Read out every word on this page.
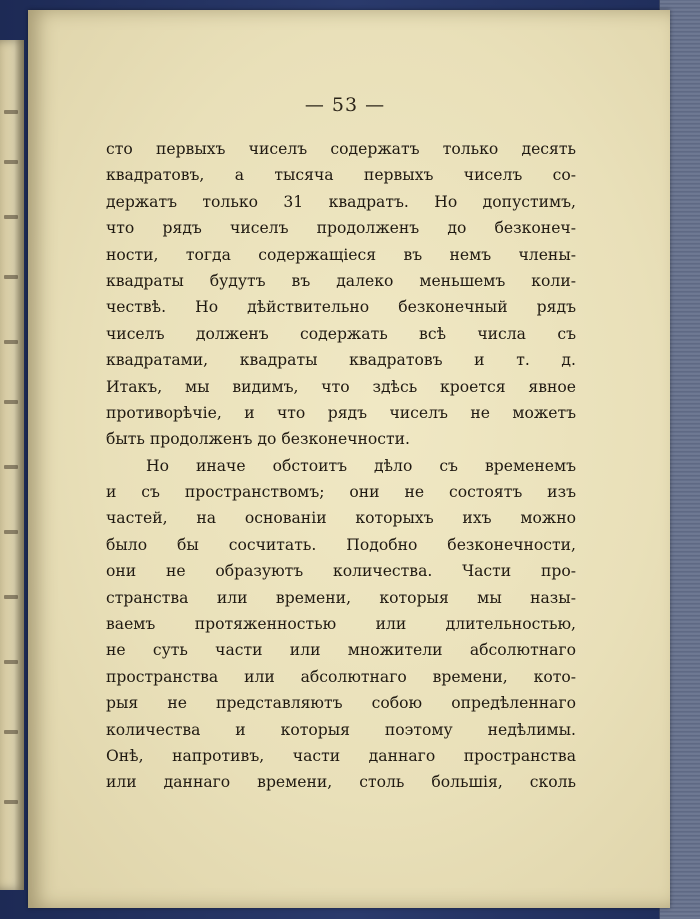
— 53 —
сто первыхъ чиселъ содержатъ только десять
квадратовъ, а тысяча первыхъ чиселъ со-
держатъ только 31 квадратъ. Но допустимъ,
что рядъ чиселъ продолженъ до безконеч-
ности, тогда содержащiеся въ немъ члены-
квадраты будутъ въ далеко меньшемъ коли-
чествѣ. Но дѣйствительно безконечный рядъ
чиселъ долженъ содержать всѣ числа съ
квадратами, квадраты квадратовъ и т. д.
Итакъ, мы видимъ, что здѣсь кроется явное
противорѣчiе, и что рядъ чиселъ не можетъ
быть продолженъ до безконечности.
Но иначе обстоитъ дѣло съ временемъ
и съ пространствомъ; они не состоятъ изъ
частей, на основанiи которыхъ ихъ можно
было бы сосчитать. Подобно безконечности,
они не образуютъ количества. Части про-
странства или времени, которыя мы назы-
ваемъ протяженностью или длительностью,
не суть части или множители абсолютнаго
пространства или абсолютнаго времени, кото-
рыя не представляютъ собою опредѣленнаго
количества и которыя поэтому недѣлимы.
Онѣ, напротивъ, части даннаго пространства
или даннаго времени, столь большiя, сколь
